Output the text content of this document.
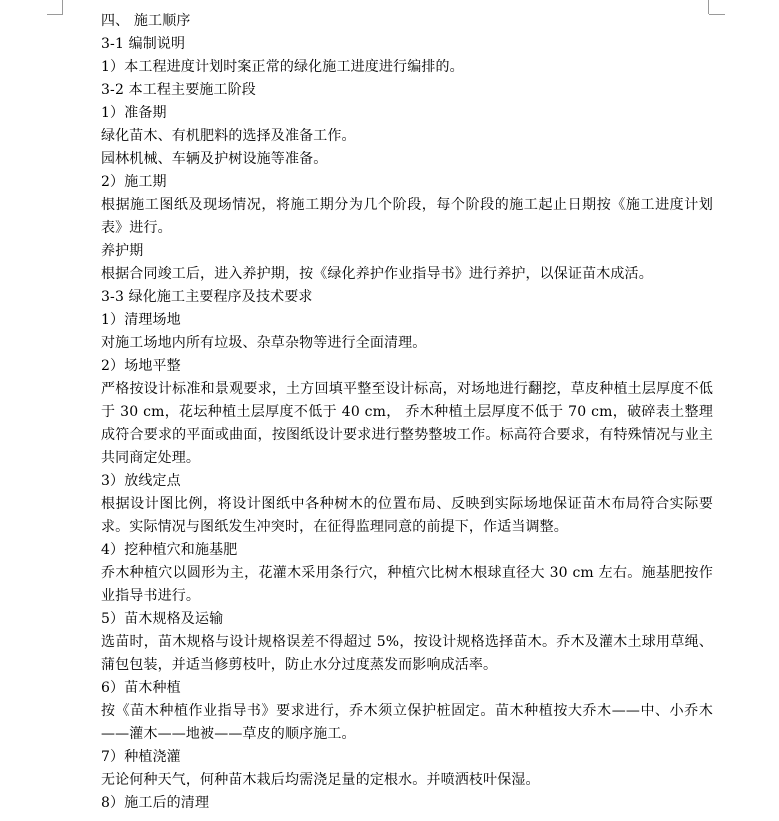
四、 施工顺序
3-1 编制说明
1）本工程进度计划时案正常的绿化施工进度进行编排的。
3-2 本工程主要施工阶段
1）准备期
绿化苗木、有机肥料的选择及准备工作。
园林机械、车辆及护树设施等准备。
2）施工期
根据施工图纸及现场情况，将施工期分为几个阶段，每个阶段的施工起止日期按《施工进度计划表》进行。
养护期
根据合同竣工后，进入养护期，按《绿化养护作业指导书》进行养护，以保证苗木成活。
3-3 绿化施工主要程序及技术要求
1）清理场地
对施工场地内所有垃圾、杂草杂物等进行全面清理。
2）场地平整
严格按设计标准和景观要求，土方回填平整至设计标高，对场地进行翻挖，草皮种植土层厚度不低于 30 cm，花坛种植土层厚度不低于 40 cm， 乔木种植土层厚度不低于 70 cm，破碎表土整理成符合要求的平面或曲面，按图纸设计要求进行整势整坡工作。标高符合要求，有特殊情况与业主共同商定处理。
3）放线定点
根据设计图比例，将设计图纸中各种树木的位置布局、反映到实际场地保证苗木布局符合实际要求。实际情况与图纸发生冲突时，在征得监理同意的前提下，作适当调整。
4）挖种植穴和施基肥
乔木种植穴以圆形为主，花灌木采用条行穴，种植穴比树木根球直径大 30 cm 左右。施基肥按作业指导书进行。
5）苗木规格及运输
选苗时，苗木规格与设计规格误差不得超过 5%，按设计规格选择苗木。乔木及灌木土球用草绳、蒲包包装，并适当修剪枝叶，防止水分过度蒸发而影响成活率。
6）苗木种植
按《苗木种植作业指导书》要求进行，乔木须立保护桩固定。苗木种植按大乔木——中、小乔木——灌木——地被——草皮的顺序施工。
7）种植浇灌
无论何种天气，何种苗木栽后均需浇足量的定根水。并喷洒枝叶保湿。
8）施工后的清理
